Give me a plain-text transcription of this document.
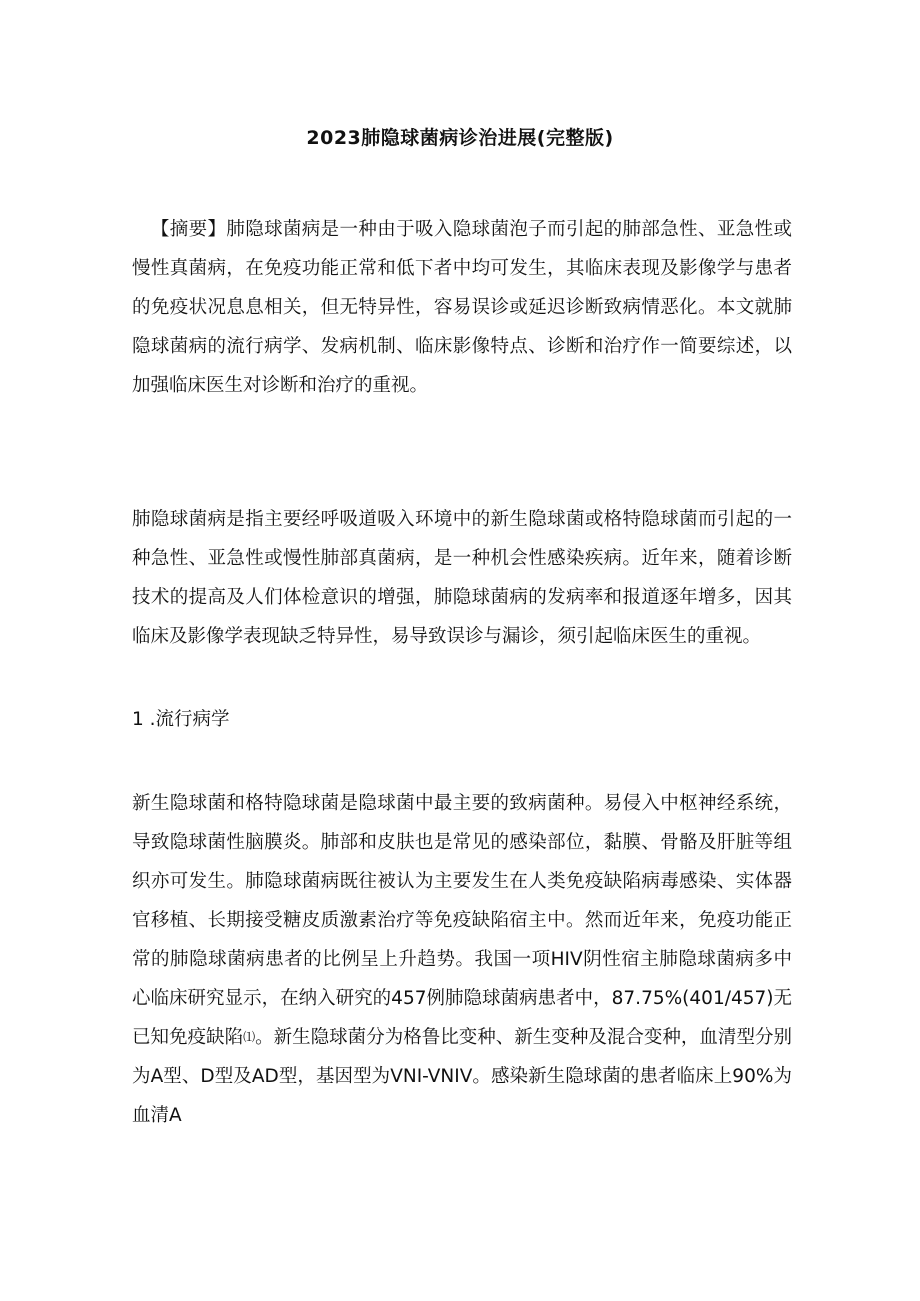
2023肺隐球菌病诊治进展(完整版)

 【摘要】肺隐球菌病是一种由于吸入隐球菌泡子而引起的肺部急性、亚急性或慢性真菌病，在免疫功能正常和低下者中均可发生，其临床表现及影像学与患者的免疫状况息息相关，但无特异性，容易误诊或延迟诊断致病情恶化。本文就肺隐球菌病的流行病学、发病机制、临床影像特点、诊断和治疗作一简要综述，以加强临床医生对诊断和治疗的重视。

肺隐球菌病是指主要经呼吸道吸入环境中的新生隐球菌或格特隐球菌而引起的一种急性、亚急性或慢性肺部真菌病，是一种机会性感染疾病。近年来，随着诊断技术的提高及人们体检意识的增强，肺隐球菌病的发病率和报道逐年增多，因其临床及影像学表现缺乏特异性，易导致误诊与漏诊，须引起临床医生的重视。

1 .流行病学

新生隐球菌和格特隐球菌是隐球菌中最主要的致病菌种。易侵入中枢神经系统，导致隐球菌性脑膜炎。肺部和皮肤也是常见的感染部位，黏膜、骨骼及肝脏等组织亦可发生。肺隐球菌病既往被认为主要发生在人类免疫缺陷病毒感染、实体器官移植、长期接受糖皮质激素治疗等免疫缺陷宿主中。然而近年来，免疫功能正常的肺隐球菌病患者的比例呈上升趋势。我国一项HIV阴性宿主肺隐球菌病多中心临床研究显示，在纳入研究的457例肺隐球菌病患者中，87.75%(401/457)无已知免疫缺陷⑴。新生隐球菌分为格鲁比变种、新生变种及混合变种，血清型分别为A型、D型及AD型，基因型为VNI-VNIV。感染新生隐球菌的患者临床上90%为血清A
